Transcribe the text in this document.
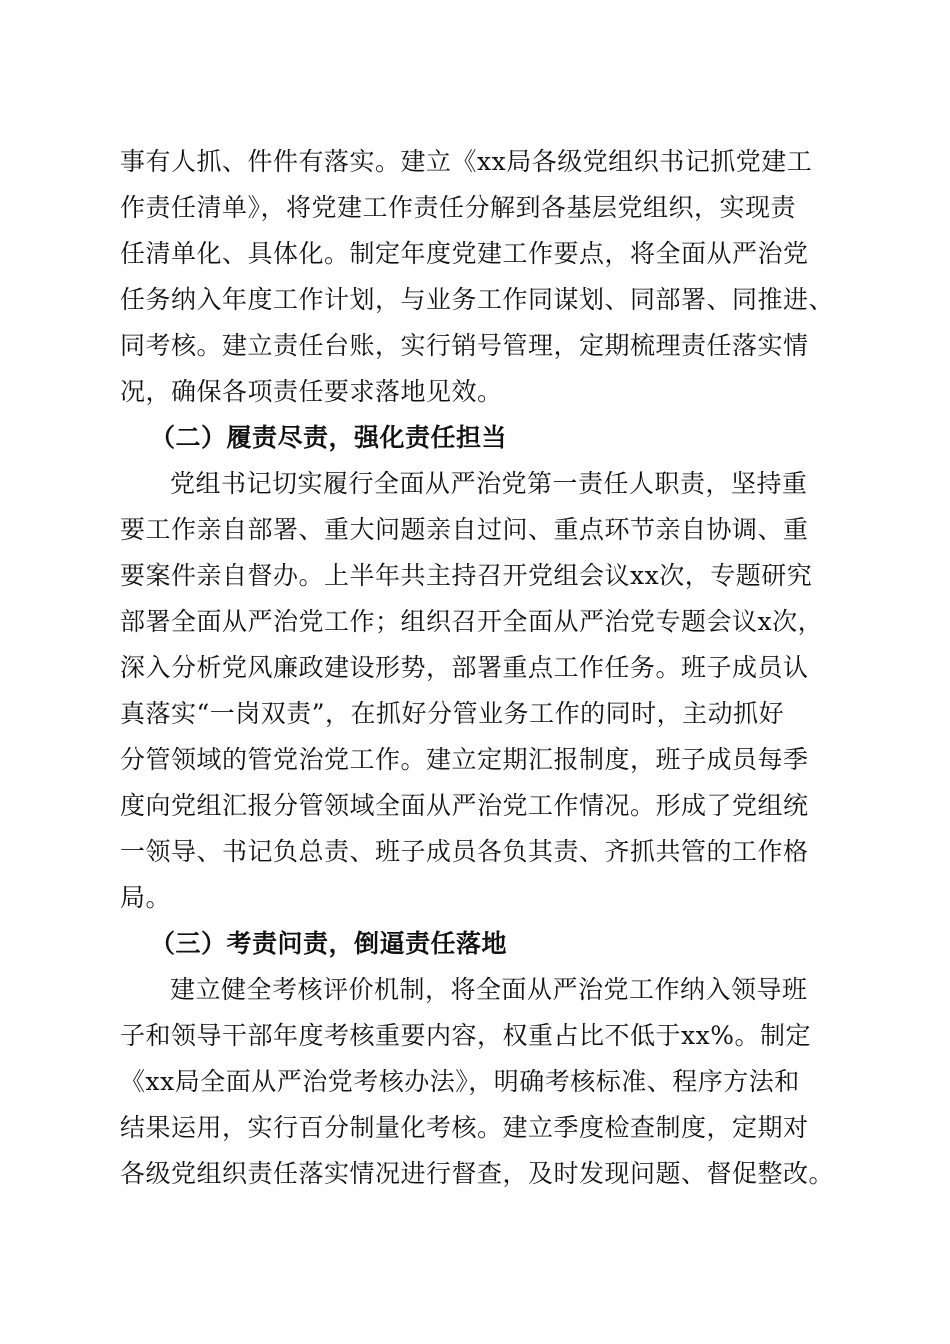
事有人抓、件件有落实。建立《xx局各级党组织书记抓党建工
作责任清单》，将党建工作责任分解到各基层党组织，实现责
任清单化、具体化。制定年度党建工作要点，将全面从严治党
任务纳入年度工作计划，与业务工作同谋划、同部署、同推进、
同考核。建立责任台账，实行销号管理，定期梳理责任落实情
况，确保各项责任要求落地见效。
（二）履责尽责，强化责任担当
党组书记切实履行全面从严治党第一责任人职责，坚持重
要工作亲自部署、重大问题亲自过问、重点环节亲自协调、重
要案件亲自督办。上半年共主持召开党组会议xx次，专题研究
部署全面从严治党工作；组织召开全面从严治党专题会议x次，
深入分析党风廉政建设形势，部署重点工作任务。班子成员认
真落实“一岗双责”，在抓好分管业务工作的同时，主动抓好
分管领域的管党治党工作。建立定期汇报制度，班子成员每季
度向党组汇报分管领域全面从严治党工作情况。形成了党组统
一领导、书记负总责、班子成员各负其责、齐抓共管的工作格
局。
（三）考责问责，倒逼责任落地
建立健全考核评价机制，将全面从严治党工作纳入领导班
子和领导干部年度考核重要内容，权重占比不低于xx%。制定
《xx局全面从严治党考核办法》，明确考核标准、程序方法和
结果运用，实行百分制量化考核。建立季度检查制度，定期对
各级党组织责任落实情况进行督查，及时发现问题、督促整改。
